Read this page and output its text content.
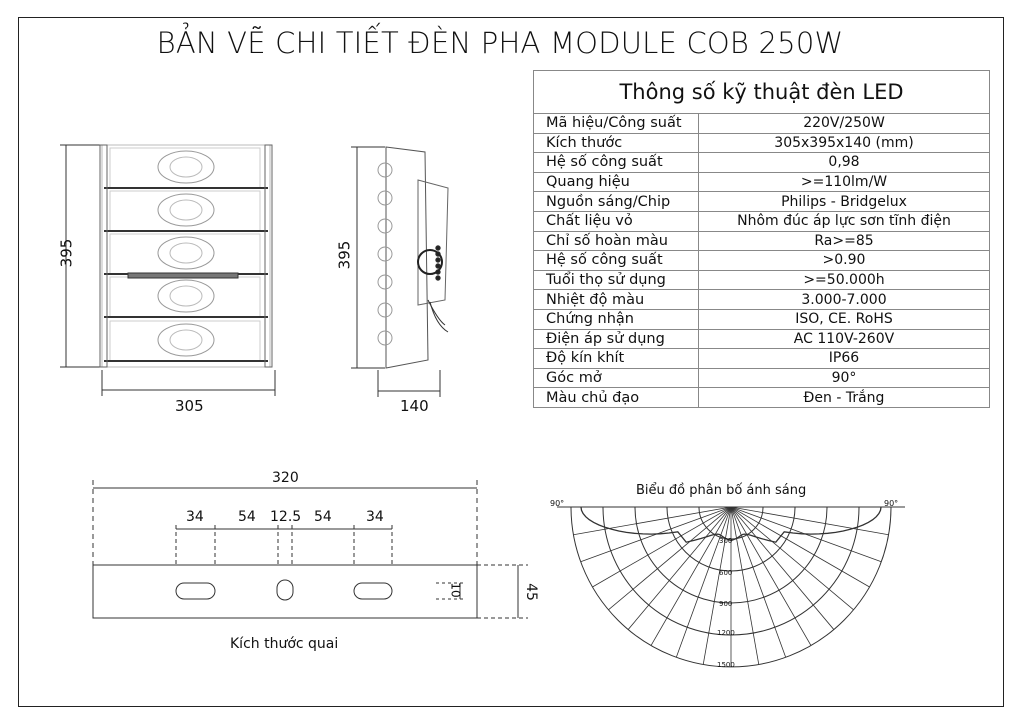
BẢN VẼ CHI TIẾT ĐÈN PHA MODULE COB 250W
Thông số kỹ thuật đèn LED	
Mã hiệu/Công suất	220V/250W
Kích thước	305x395x140 (mm)
Hệ số công suất	0,98
Quang hiệu	>=110lm/W
Nguồn sáng/Chip	Philips - Bridgelux
Chất liệu vỏ	Nhôm đúc áp lực sơn tĩnh điện
Chỉ số hoàn màu	Ra>=85
Hệ số công suất	>0.90
Tuổi thọ sử dụng	>=50.000h
Nhiệt độ màu	3.000-7.000
Chứng nhận	ISO, CE. RoHS
Điện áp sử dụng	AC 110V-260V
Độ kín khít	IP66
Góc mở	90°
Màu chủ đạo	Đen - Trắng
395
305
395
140
320
34 54 12.5 54 34
45
10
Kích thước quai
Biểu đồ phân bố ánh sáng
90°	90°
300
600
900
1200
1500
